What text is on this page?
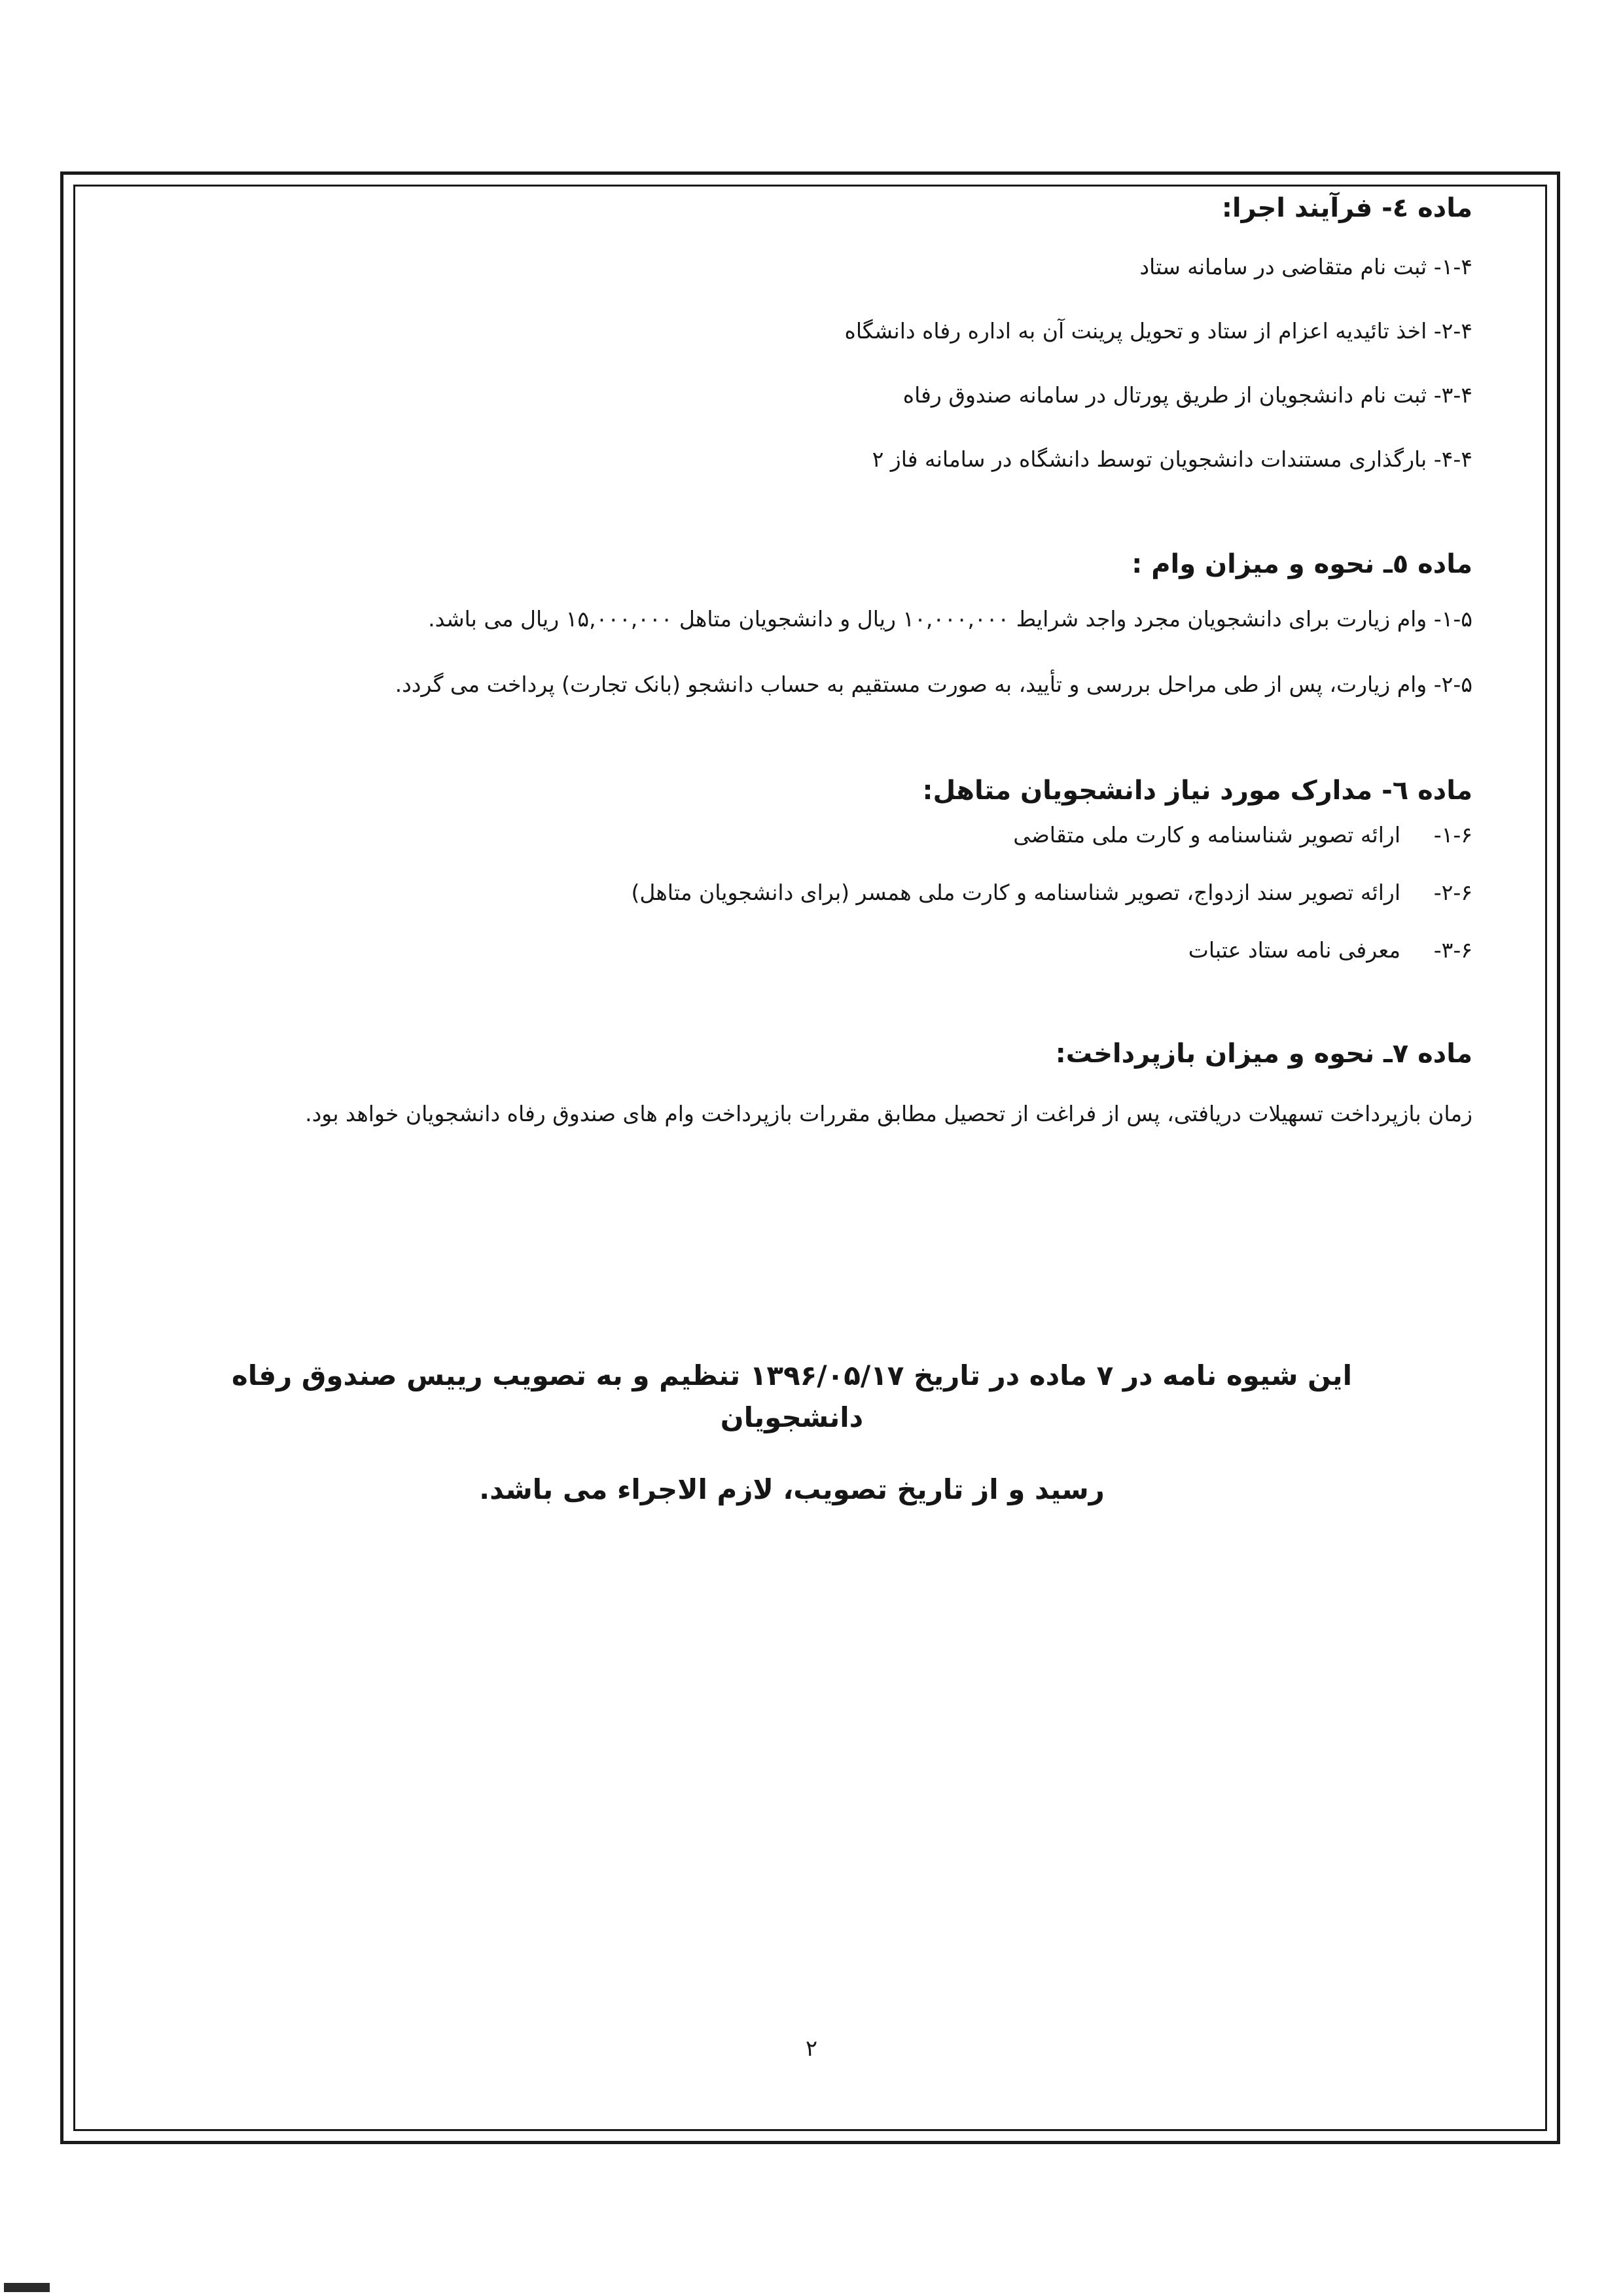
ماده ٤- فرآیند اجرا:

۱-۴- ثبت نام متقاضی در سامانه ستاد

۲-۴- اخذ تائیدیه اعزام از ستاد و تحویل پرینت آن به اداره رفاه دانشگاه

۳-۴- ثبت نام دانشجویان از طریق پورتال در سامانه صندوق رفاه

۴-۴- بارگذاری مستندات دانشجویان توسط دانشگاه در سامانه فاز ۲

ماده ٥ـ نحوه و میزان وام :

۱-۵- وام زیارت برای دانشجویان مجرد واجد شرایط ۱۰,۰۰۰,۰۰۰ ریال و دانشجویان متاهل ۱۵,۰۰۰,۰۰۰ ریال می باشد.

۲-۵- وام زیارت، پس از طی مراحل بررسی و تأیید، به صورت مستقیم به حساب دانشجو (بانک تجارت) پرداخت می گردد.

ماده ٦- مدارک مورد نیاز دانشجویان متاهل:

۱-۶-ارائه تصویر شناسنامه و کارت ملی متقاضی

۲-۶-ارائه تصویر سند ازدواج، تصویر شناسنامه و کارت ملی همسر (برای دانشجویان متاهل)

۳-۶-معرفی نامه ستاد عتبات

ماده ٧ـ نحوه و میزان بازپرداخت:

زمان بازپرداخت تسهیلات دریافتی، پس از فراغت از تحصیل مطابق مقررات بازپرداخت وام های صندوق رفاه دانشجویان خواهد بود.

این شیوه نامه در ۷ ماده در تاریخ ۱۳۹۶/۰۵/۱۷ تنظیم و به تصویب رییس صندوق رفاه دانشجویان

رسید و از تاریخ تصویب، لازم الاجراء می باشد.

۲
